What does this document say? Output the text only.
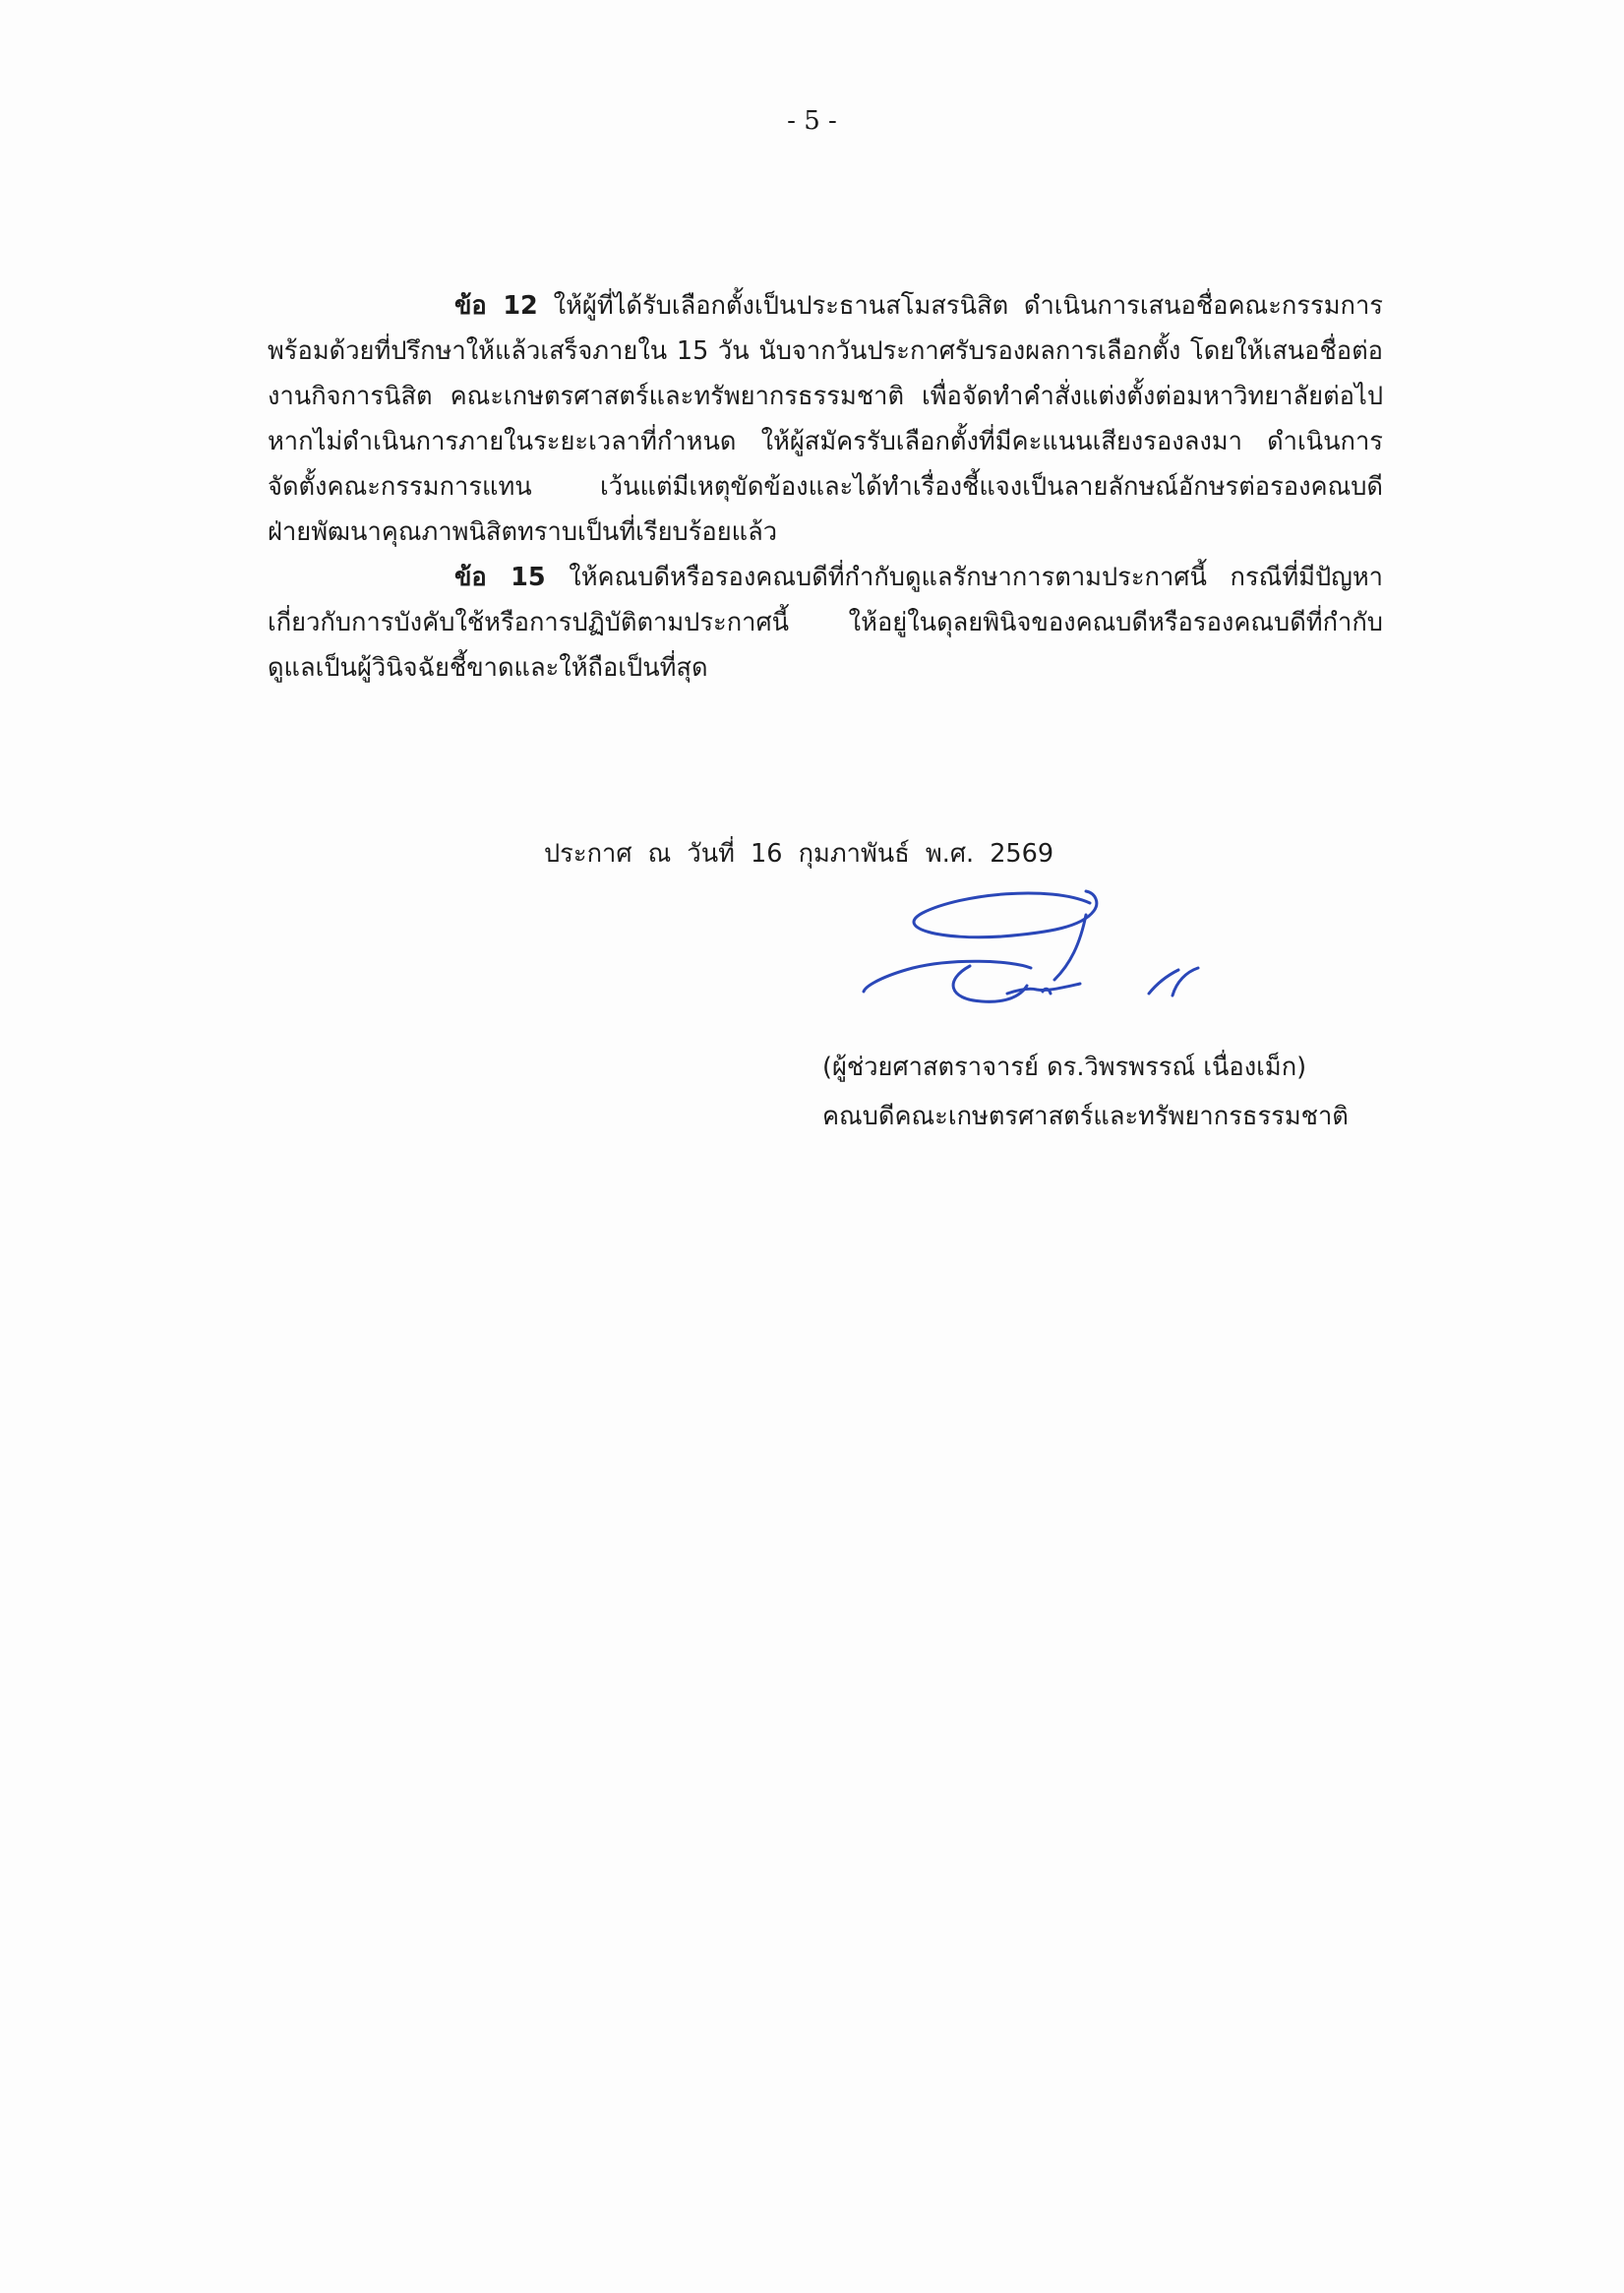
- 5 -
ข้อ 12 ให้ผู้ที่ได้รับเลือกตั้งเป็นประธานสโมสรนิสิต ดำเนินการเสนอชื่อคณะกรรมการ
พร้อมด้วยที่ปรึกษาให้แล้วเสร็จภายใน 15 วัน นับจากวันประกาศรับรองผลการเลือกตั้ง โดยให้เสนอชื่อต่อ
งานกิจการนิสิต คณะเกษตรศาสตร์และทรัพยากรธรรมชาติ เพื่อจัดทำคำสั่งแต่งตั้งต่อมหาวิทยาลัยต่อไป
หากไม่ดำเนินการภายในระยะเวลาที่กำหนด ให้ผู้สมัครรับเลือกตั้งที่มีคะแนนเสียงรองลงมา ดำเนินการ
จัดตั้งคณะกรรมการแทน เว้นแต่มีเหตุขัดข้องและได้ทำเรื่องชี้แจงเป็นลายลักษณ์อักษรต่อรองคณบดี
ฝ่ายพัฒนาคุณภาพนิสิตทราบเป็นที่เรียบร้อยแล้ว
ข้อ 15 ให้คณบดีหรือรองคณบดีที่กำกับดูแลรักษาการตามประกาศนี้ กรณีที่มีปัญหา
เกี่ยวกับการบังคับใช้หรือการปฏิบัติตามประกาศนี้ ให้อยู่ในดุลยพินิจของคณบดีหรือรองคณบดีที่กำกับ
ดูแลเป็นผู้วินิจฉัยชี้ขาดและให้ถือเป็นที่สุด
ประกาศ ณ วันที่ 16 กุมภาพันธ์ พ.ศ. 2569
(ผู้ช่วยศาสตราจารย์ ดร.วิพรพรรณ์ เนื่องเม็ก)
คณบดีคณะเกษตรศาสตร์และทรัพยากรธรรมชาติ
